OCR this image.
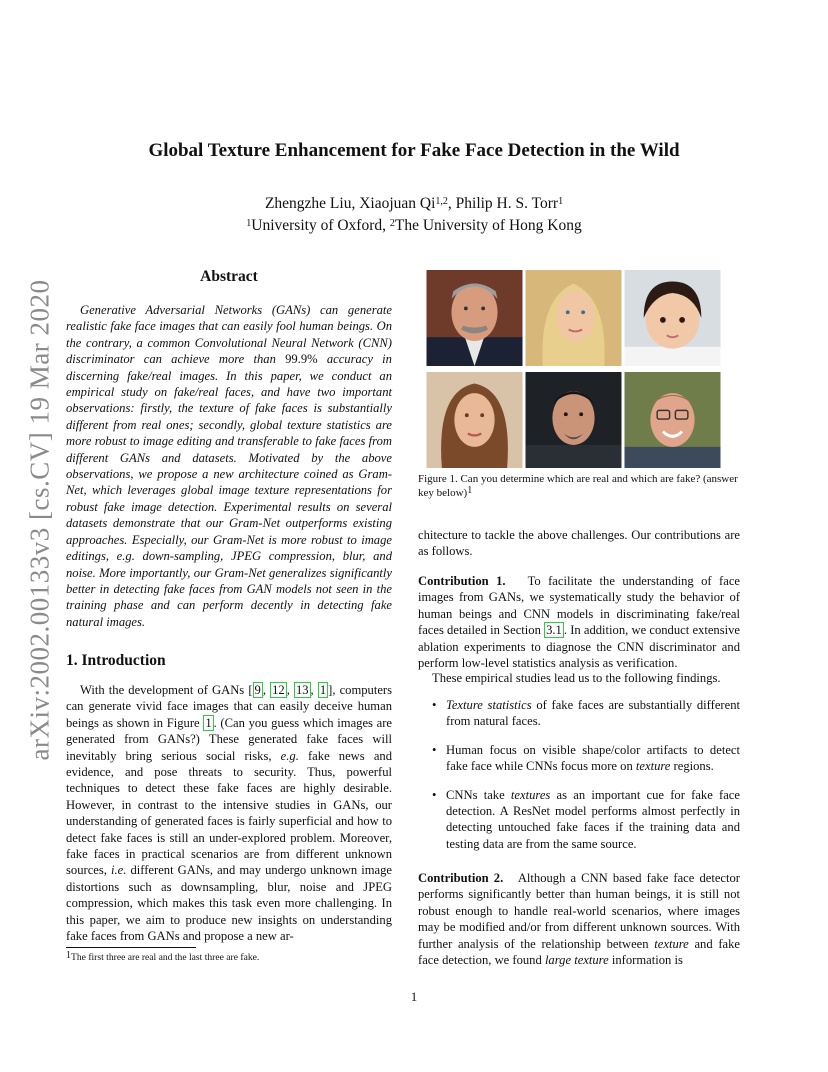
arXiv:2002.00133v3 [cs.CV] 19 Mar 2020
Global Texture Enhancement for Fake Face Detection in the Wild
Zhengzhe Liu, Xiaojuan Qi$^{1,2}$, Philip H. S. Torr$^1$
$^1$University of Oxford, $^2$The University of Hong Kong
Abstract
Generative Adversarial Networks (GANs) can generate realistic fake face images that can easily fool human beings. On the contrary, a common Convolutional Neural Network (CNN) discriminator can achieve more than 99.9% accuracy in discerning fake/real images. In this paper, we conduct an empirical study on fake/real faces, and have two important observations: firstly, the texture of fake faces is substantially different from real ones; secondly, global texture statistics are more robust to image editing and transferable to fake faces from different GANs and datasets. Motivated by the above observations, we propose a new architecture coined as Gram-Net, which leverages global image texture representations for robust fake image detection. Experimental results on several datasets demonstrate that our Gram-Net outperforms existing approaches. Especially, our Gram-Net is more robust to image editings, e.g. down-sampling, JPEG compression, blur, and noise. More importantly, our Gram-Net generalizes significantly better in detecting fake faces from GAN models not seen in the training phase and can perform decently in detecting fake natural images.
1. Introduction
With the development of GANs [ 9 , 12 , 13 , 1 ], computers can generate vivid face images that can easily deceive human beings as shown in Figure 1 . (Can you guess which images are generated from GANs?) These generated fake faces will inevitably bring serious social risks, e.g. fake news and evidence, and pose threats to security. Thus, powerful techniques to detect these fake faces are highly desirable. However, in contrast to the intensive studies in GANs, our understanding of generated faces is fairly superficial and how to detect fake faces is still an under-explored problem. Moreover, fake faces in practical scenarios are from different unknown sources, i.e. different GANs, and may undergo unknown image distortions such as downsampling, blur, noise and JPEG compression, which makes this task even more challenging. In this paper, we aim to produce new insights on understanding fake faces from GANs and propose a new ar-
$^1$The first three are real and the last three are fake.
Figure 1. Can you determine which are real and which are fake? (answer key below)$^1$
chitecture to tackle the above challenges. Our contributions are as follows.
Contribution 1.   To facilitate the understanding of face images from GANs, we systematically study the behavior of human beings and CNN models in discriminating fake/real faces detailed in Section 3.1 . In addition, we conduct extensive ablation experiments to diagnose the CNN discriminator and perform low-level statistics analysis as verification.
These empirical studies lead us to the following findings.
• Texture statistics of fake faces are substantially different from natural faces.
• Human focus on visible shape/color artifacts to detect fake face while CNNs focus more on texture regions.
• CNNs take textures as an important cue for fake face detection. A ResNet model performs almost perfectly in detecting untouched fake faces if the training data and testing data are from the same source.
Contribution 2.   Although a CNN based fake face detector performs significantly better than human beings, it is still not robust enough to handle real-world scenarios, where images may be modified and/or from different unknown sources. With further analysis of the relationship between texture and fake face detection, we found large texture information is
1
